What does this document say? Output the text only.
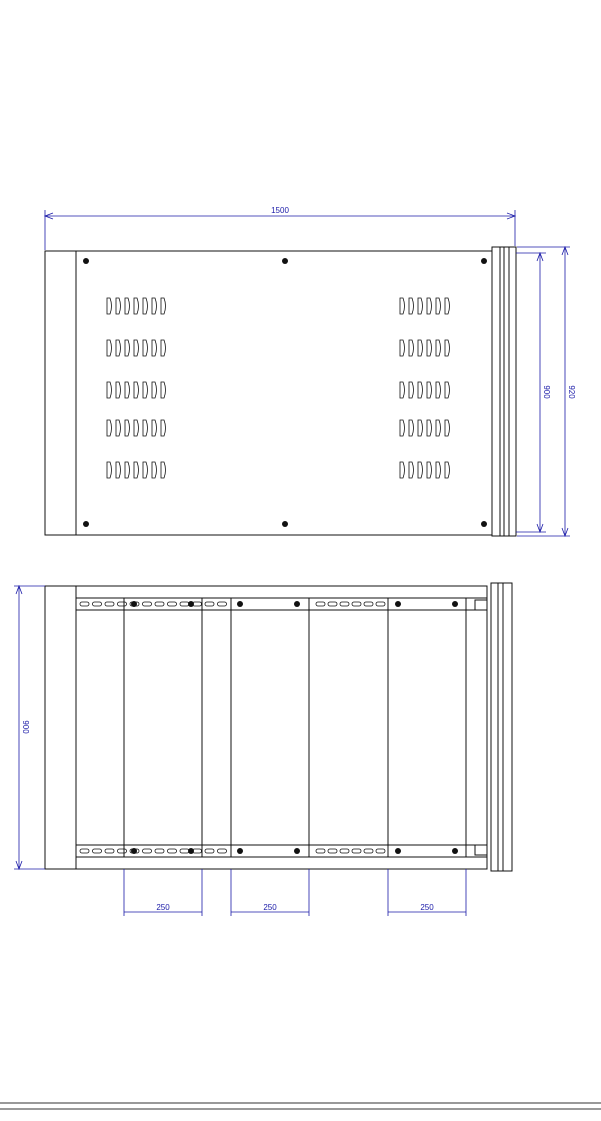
1500
900 920
900
250	250	250
